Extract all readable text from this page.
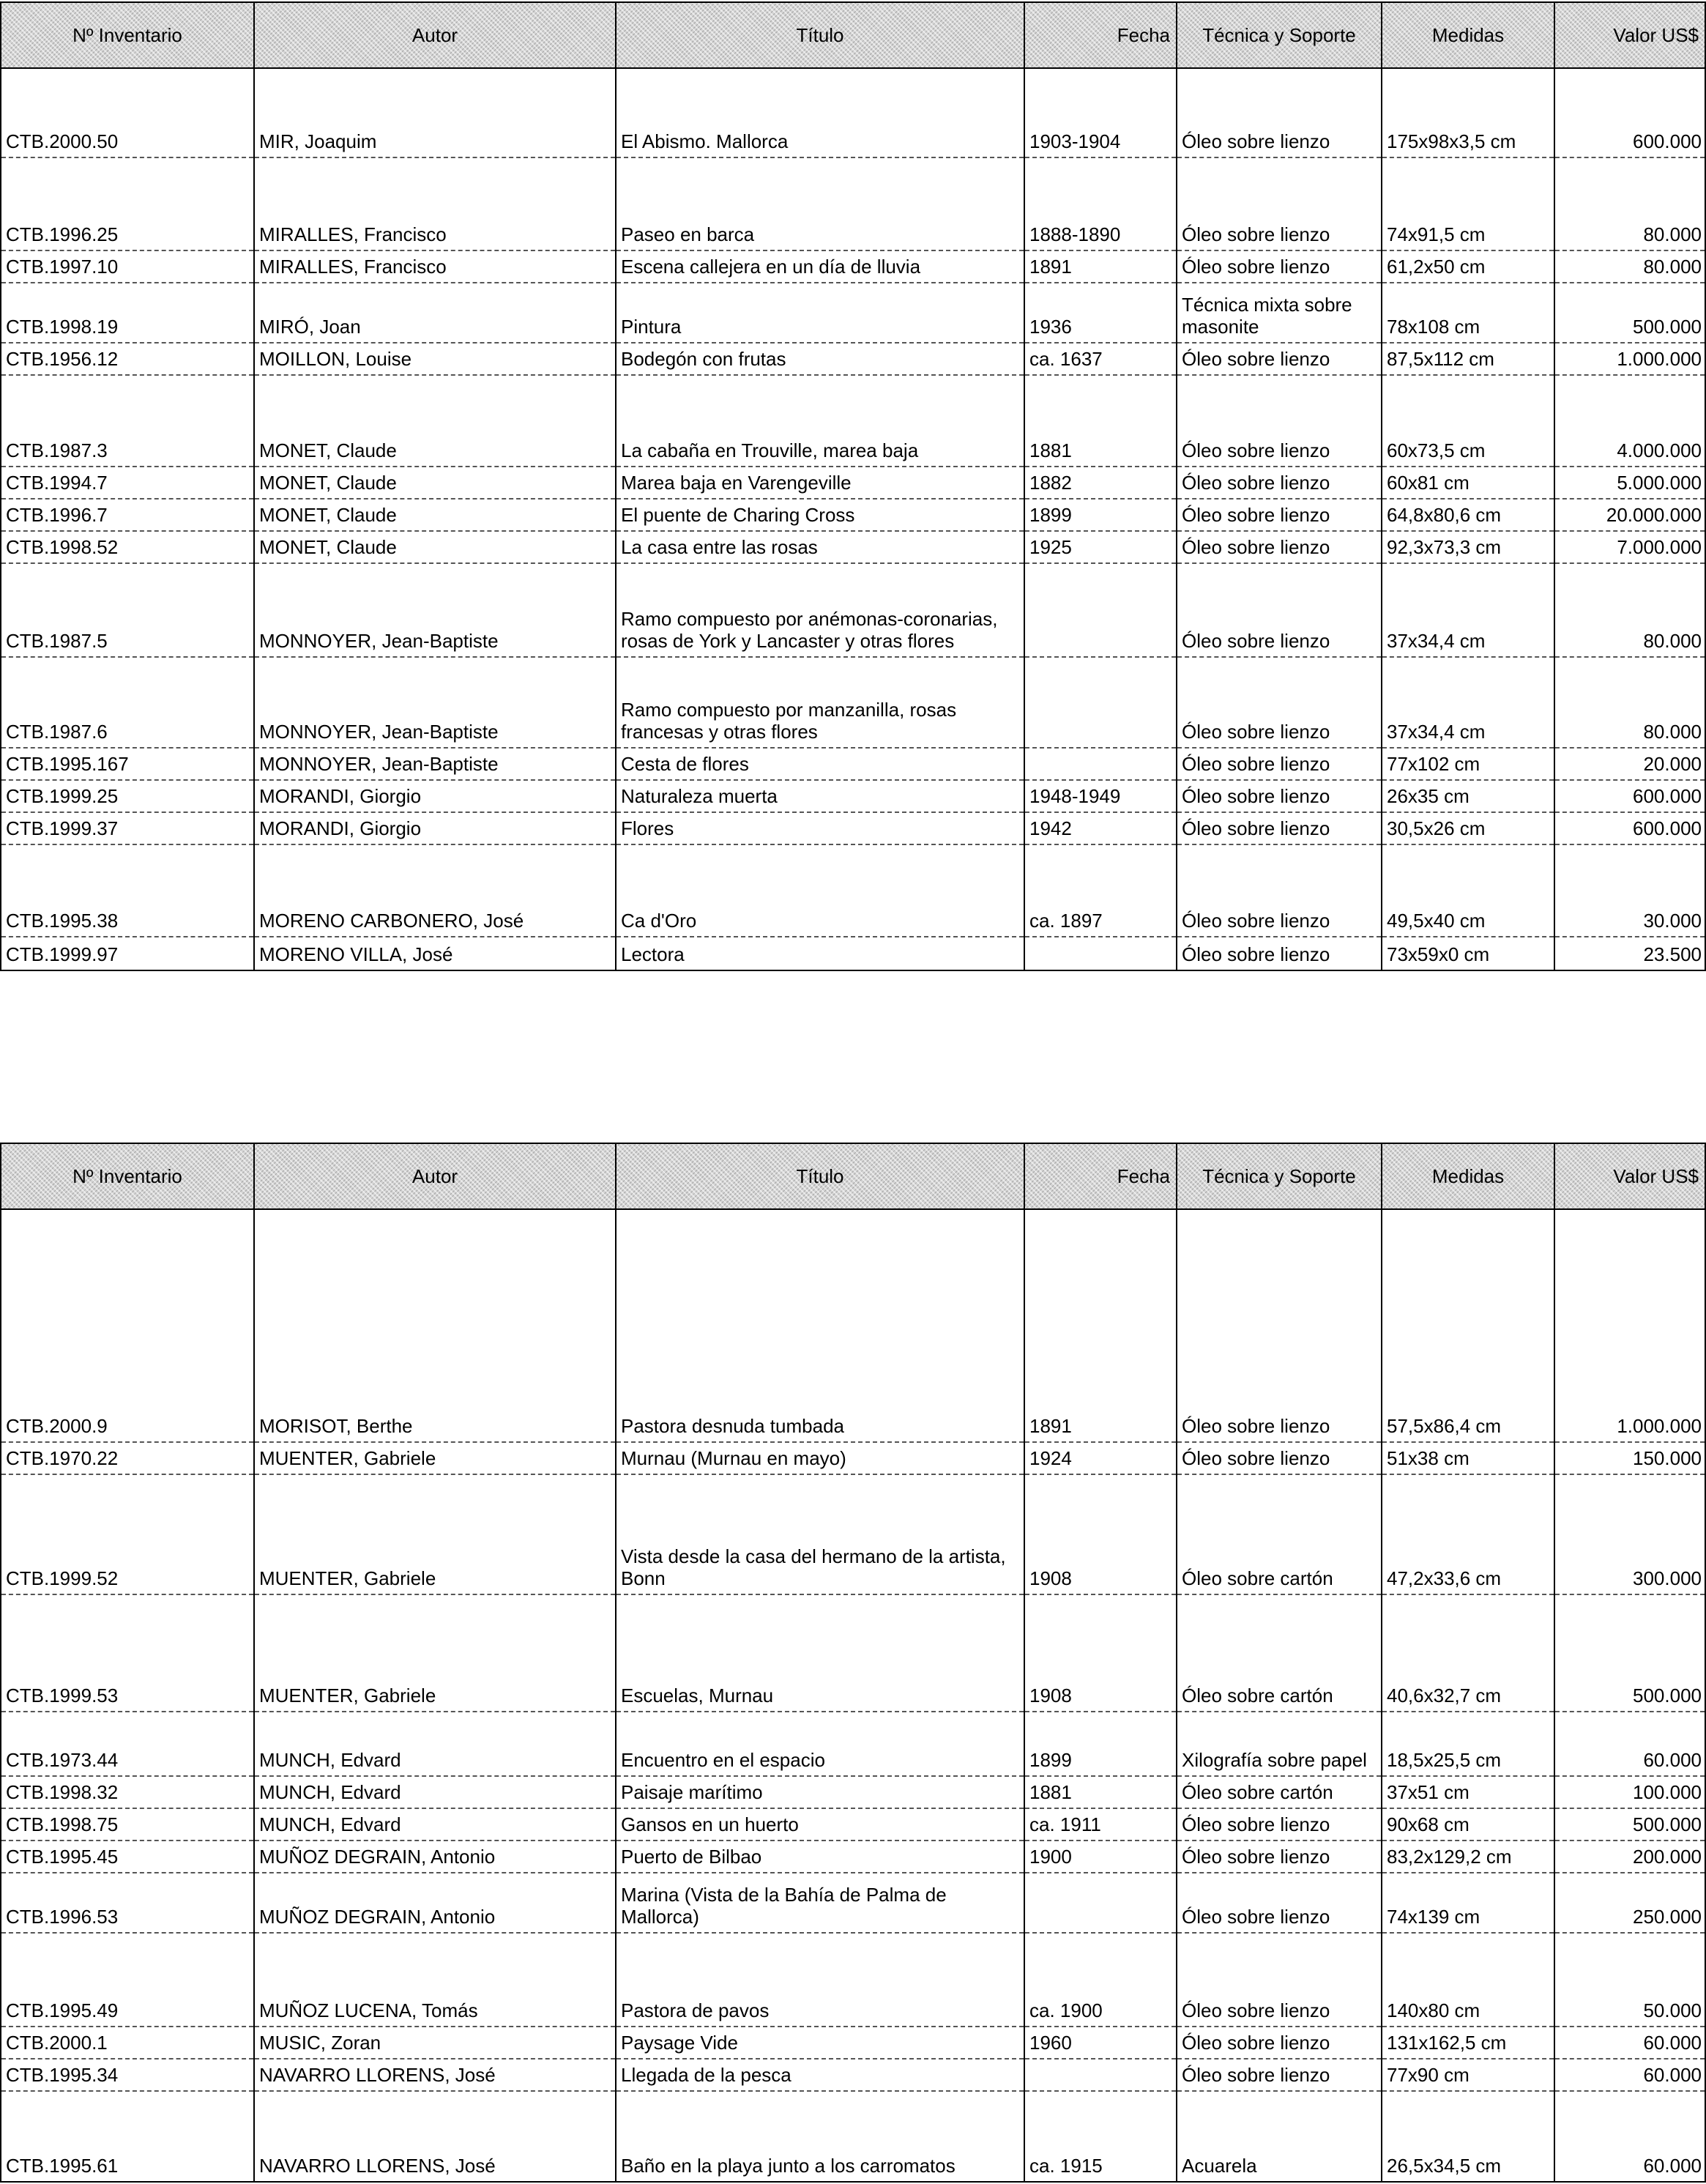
Nº Inventario	Autor	Título	Fecha	Técnica y Soporte	Medidas	Valor US$
CTB.2000.50	MIR, Joaquim	El Abismo. Mallorca	1903-1904	Óleo sobre lienzo	175x98x3,5 cm	600.000
CTB.1996.25	MIRALLES, Francisco	Paseo en barca	1888-1890	Óleo sobre lienzo	74x91,5 cm	80.000
CTB.1997.10	MIRALLES, Francisco	Escena callejera en un día de lluvia	1891	Óleo sobre lienzo	61,2x50 cm	80.000
CTB.1998.19	MIRÓ, Joan	Pintura	1936	Técnica mixta sobre masonite	78x108 cm	500.000
CTB.1956.12	MOILLON, Louise	Bodegón con frutas	ca. 1637	Óleo sobre lienzo	87,5x112 cm	1.000.000
CTB.1987.3	MONET, Claude	La cabaña en Trouville, marea baja	1881	Óleo sobre lienzo	60x73,5 cm	4.000.000
CTB.1994.7	MONET, Claude	Marea baja en Varengeville	1882	Óleo sobre lienzo	60x81 cm	5.000.000
CTB.1996.7	MONET, Claude	El puente de Charing Cross	1899	Óleo sobre lienzo	64,8x80,6 cm	20.000.000
CTB.1998.52	MONET, Claude	La casa entre las rosas	1925	Óleo sobre lienzo	92,3x73,3 cm	7.000.000
CTB.1987.5	MONNOYER, Jean-Baptiste	Ramo compuesto por anémonas-coronarias, rosas de York y Lancaster y otras flores		Óleo sobre lienzo	37x34,4 cm	80.000
CTB.1987.6	MONNOYER, Jean-Baptiste	Ramo compuesto por manzanilla, rosas francesas y otras flores		Óleo sobre lienzo	37x34,4 cm	80.000
CTB.1995.167	MONNOYER, Jean-Baptiste	Cesta de flores		Óleo sobre lienzo	77x102 cm	20.000
CTB.1999.25	MORANDI, Giorgio	Naturaleza muerta	1948-1949	Óleo sobre lienzo	26x35 cm	600.000
CTB.1999.37	MORANDI, Giorgio	Flores	1942	Óleo sobre lienzo	30,5x26 cm	600.000
CTB.1995.38	MORENO CARBONERO, José	Ca d'Oro	ca. 1897	Óleo sobre lienzo	49,5x40 cm	30.000
CTB.1999.97	MORENO VILLA, José	Lectora		Óleo sobre lienzo	73x59x0 cm	23.500
Nº Inventario	Autor	Título	Fecha	Técnica y Soporte	Medidas	Valor US$
CTB.2000.9	MORISOT, Berthe	Pastora desnuda tumbada	1891	Óleo sobre lienzo	57,5x86,4 cm	1.000.000
CTB.1970.22	MUENTER, Gabriele	Murnau (Murnau en mayo)	1924	Óleo sobre lienzo	51x38 cm	150.000
CTB.1999.52	MUENTER, Gabriele	Vista desde la casa del hermano de la artista, Bonn	1908	Óleo sobre cartón	47,2x33,6 cm	300.000
CTB.1999.53	MUENTER, Gabriele	Escuelas, Murnau	1908	Óleo sobre cartón	40,6x32,7 cm	500.000
CTB.1973.44	MUNCH, Edvard	Encuentro en el espacio	1899	Xilografía sobre papel	18,5x25,5 cm	60.000
CTB.1998.32	MUNCH, Edvard	Paisaje marítimo	1881	Óleo sobre cartón	37x51 cm	100.000
CTB.1998.75	MUNCH, Edvard	Gansos en un huerto	ca. 1911	Óleo sobre lienzo	90x68 cm	500.000
CTB.1995.45	MUÑOZ DEGRAIN, Antonio	Puerto de Bilbao	1900	Óleo sobre lienzo	83,2x129,2 cm	200.000
CTB.1996.53	MUÑOZ DEGRAIN, Antonio	Marina (Vista de la Bahía de Palma de Mallorca)		Óleo sobre lienzo	74x139 cm	250.000
CTB.1995.49	MUÑOZ LUCENA, Tomás	Pastora de pavos	ca. 1900	Óleo sobre lienzo	140x80 cm	50.000
CTB.2000.1	MUSIC, Zoran	Paysage Vide	1960	Óleo sobre lienzo	131x162,5 cm	60.000
CTB.1995.34	NAVARRO LLORENS, José	Llegada de la pesca		Óleo sobre lienzo	77x90 cm	60.000
CTB.1995.61	NAVARRO LLORENS, José	Baño en la playa junto a los carromatos	ca. 1915	Acuarela	26,5x34,5 cm	60.000
